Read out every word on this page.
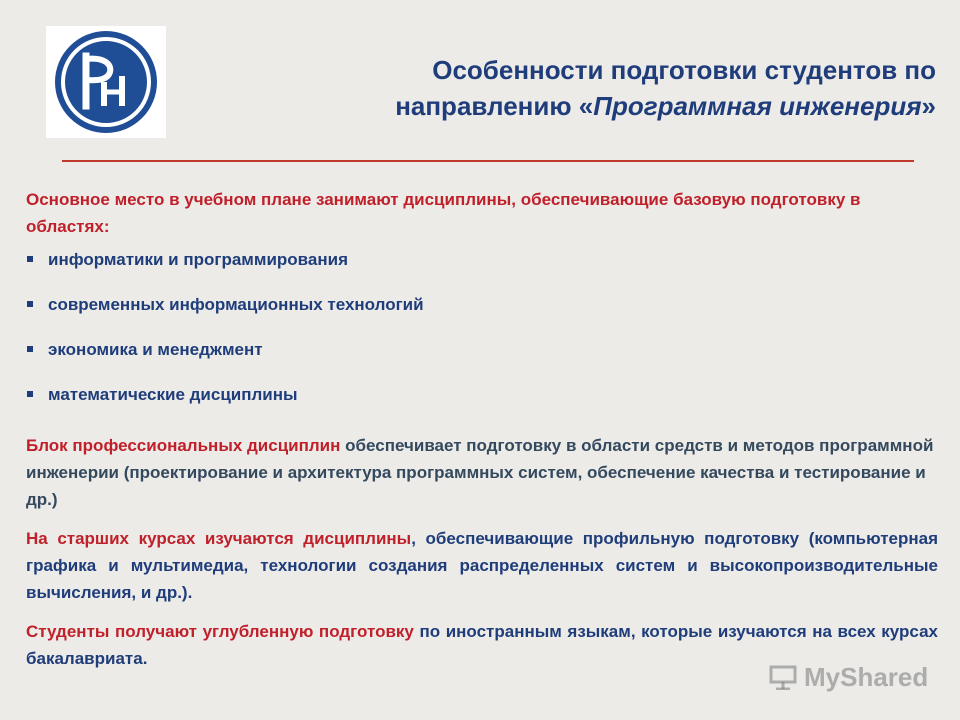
Особенности подготовки студентов по
направлению «Программная инженерия»

Основное место в учебном плане занимают дисциплины, обеспечивающие базовую подготовку в областях:

информатики и программирования
современных информационных технологий
экономика и менеджмент
математические дисциплины

Блок профессиональных дисциплин обеспечивает подготовку в области средств и методов программной инженерии (проектирование и архитектура программных систем, обеспечение качества и тестирование и др.)

На старших курсах изучаются дисциплины, обеспечивающие профильную подготовку (компьютерная графика и мультимедиа, технологии создания распределенных систем и высокопроизводительные вычисления, и др.).

Студенты получают углубленную подготовку по иностранным языкам, которые изучаются на всех курсах бакалавриата.

MyShared
